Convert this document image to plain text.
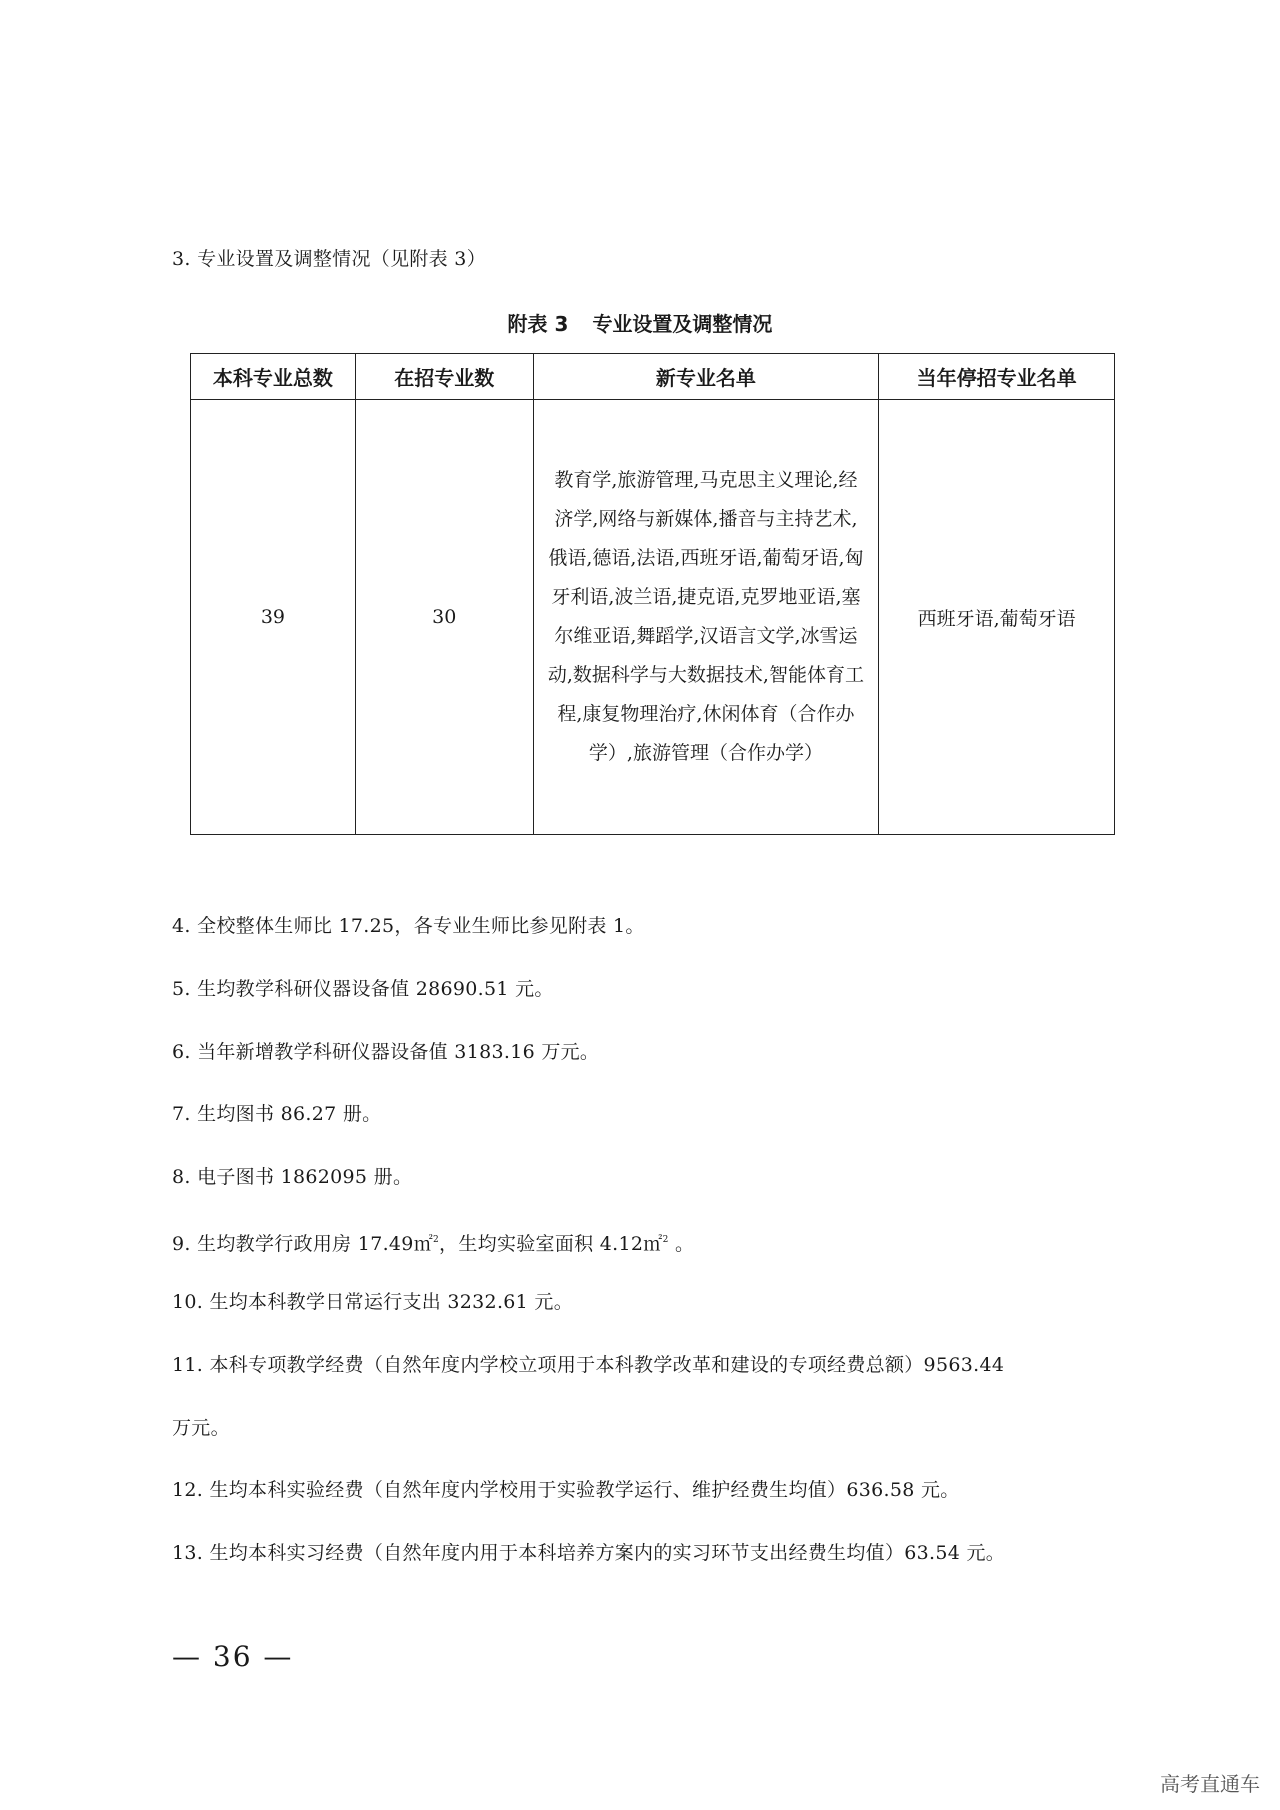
3. 专业设置及调整情况（见附表 3）
附表 3 专业设置及调整情况
本科专业总数	在招专业数	新专业名单	当年停招专业名单
39	30	教育学,旅游管理,马克思主义理论,经济学,网络与新媒体,播音与主持艺术,俄语,德语,法语,西班牙语,葡萄牙语,匈牙利语,波兰语,捷克语,克罗地亚语,塞尔维亚语,舞蹈学,汉语言文学,冰雪运动,数据科学与大数据技术,智能体育工程,康复物理治疗,休闲体育（合作办学）,旅游管理（合作办学）	西班牙语,葡萄牙语
4. 全校整体生师比 17.25，各专业生师比参见附表 1。
5. 生均教学科研仪器设备值 28690.51 元。
6. 当年新增教学科研仪器设备值 3183.16 万元。
7. 生均图书 86.27 册。
8. 电子图书 1862095 册。
9. 生均教学行政用房 17.49㎡$^2$，生均实验室面积 4.12㎡$^2$ 。
10. 生均本科教学日常运行支出 3232.61 元。
11. 本科专项教学经费（自然年度内学校立项用于本科教学改革和建设的专项经费总额）9563.44
万元。
12. 生均本科实验经费（自然年度内学校用于实验教学运行、维护经费生均值）636.58 元。
13. 生均本科实习经费（自然年度内用于本科培养方案内的实习环节支出经费生均值）63.54 元。
— 36 —
高考直通车
